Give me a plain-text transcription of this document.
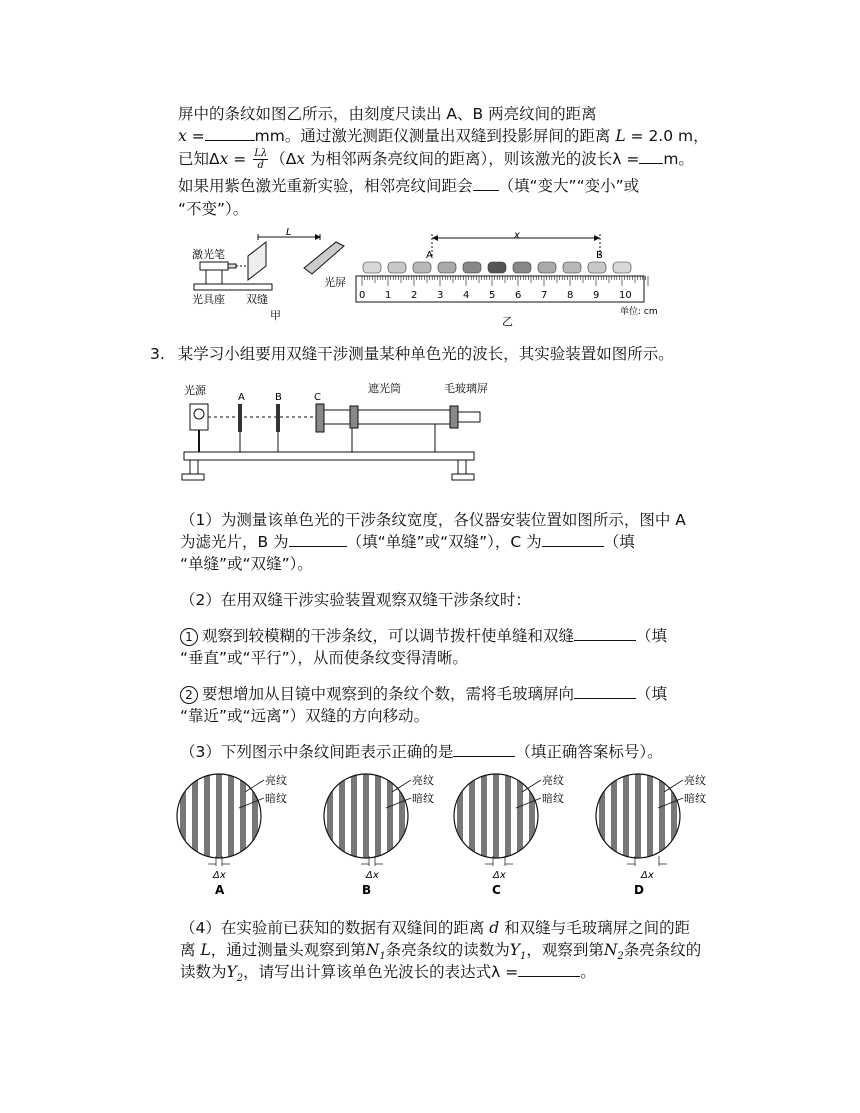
屏中的条纹如图乙所示，由刻度尺读出 A、B 两亮纹间的距离
x =	mm。通过激光测距仪测量出双缝到投影屏间的距离 L = 2.0 m，
已知$\Delta x = \frac{L\lambda}{d} (\Delta x$ 为相邻两条亮纹间的距离），则该激光的波长λ = m。
如果用紫色激光重新实验，相邻亮纹间距会 （填“变大”“变小”或
“不变”）。
激光笔
L
光具座 双缝
光屏
甲
x
A	B
0 1 2 3 4 5 6 7 8 9 10
单位: cm
乙
3. 某学习小组要用双缝干涉测量某种单色光的波长，其实验装置如图所示。
光源
A	B	C
遮光筒	毛玻璃屏
（1）为测量该单色光的干涉条纹宽度，各仪器安装位置如图所示，图中 A
为滤光片，B 为	（填“单缝”或“双缝”），C 为	（填
“单缝”或“双缝”）。
（2）在用双缝干涉实验装置观察双缝干涉条纹时：
1 观察到较模糊的干涉条纹，可以调节拨杆使单缝和双缝	（填
“垂直”或“平行”），从而使条纹变得清晰。
2 要想增加从目镜中观察到的条纹个数，需将毛玻璃屏向	（填
“靠近”或“远离”）双缝的方向移动。
（3）下列图示中条纹间距表示正确的是	（填正确答案标号）。
亮纹
暗纹
Δx
A
亮纹
暗纹
Δx
B
亮纹
暗纹
Δx
C
亮纹
暗纹
Δx
D
（4）在实验前已获知的数据有双缝间的距离 d 和双缝与毛玻璃屏之间的距
离 L，通过测量头观察到第$N_1$条亮条纹的读数为$Y_1$，观察到第$N_2$条亮条纹的
读数为$Y_2$，请写出计算该单色光波长的表达式λ =	。
